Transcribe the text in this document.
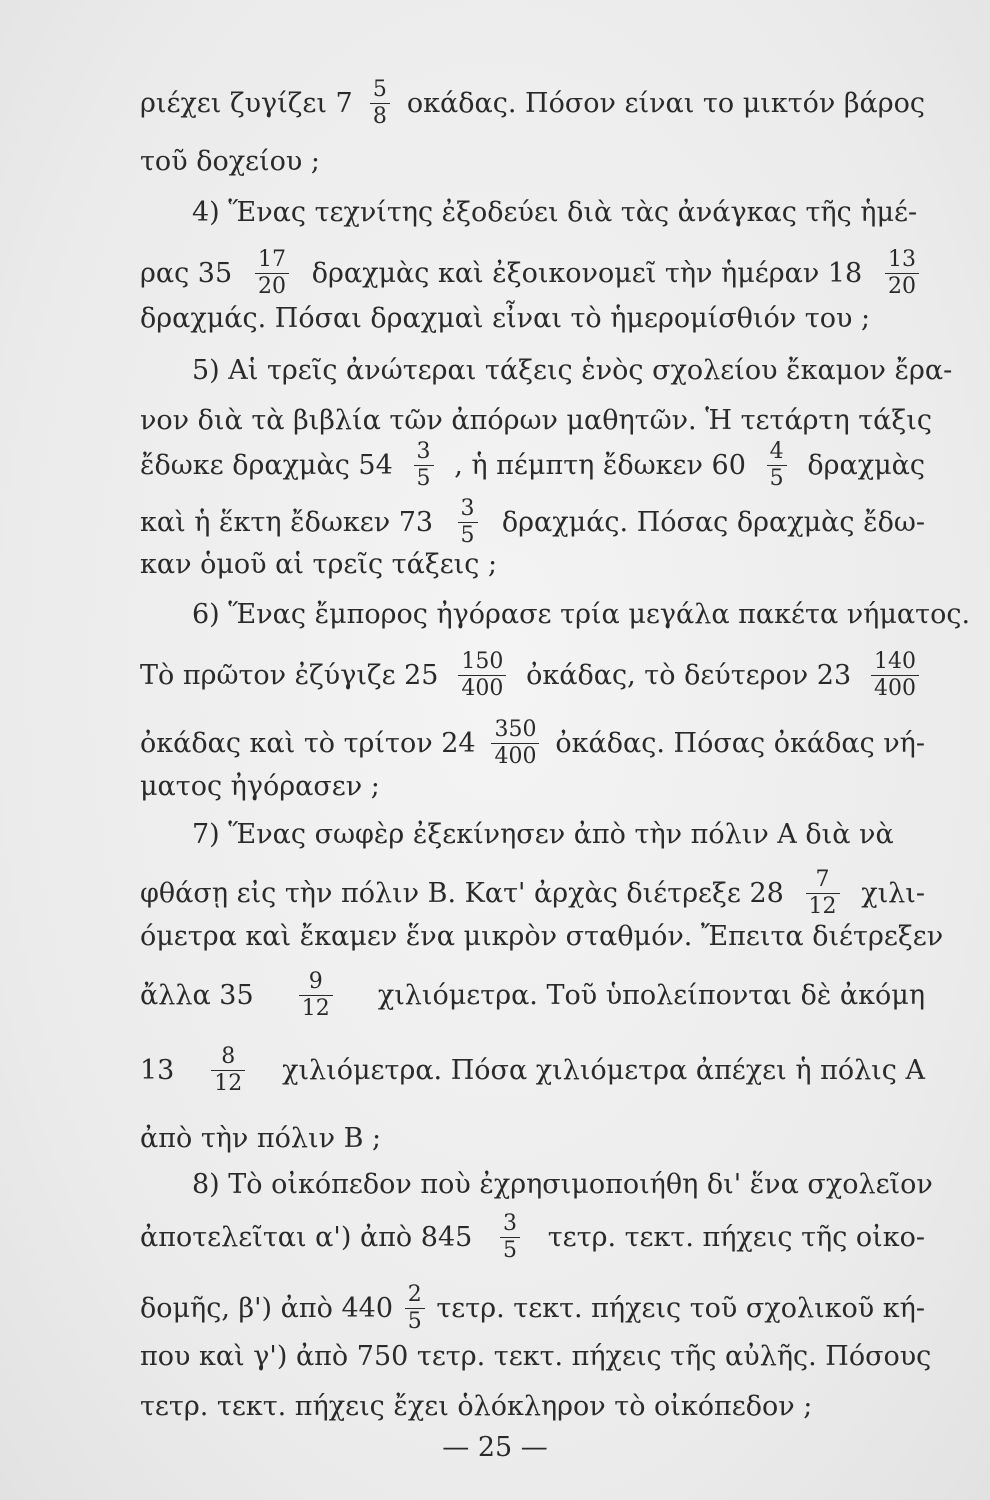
ριέχει ζυγίζει $7 \frac{5}{8} o\kappa ά\delta\alpha\varsigma$. Πόσον είναι το μικτόν βάρος
τοῦ δοχείου ;
4) Ἕνας τεχνίτης ἐξοδεύει διὰ τὰς ἀνάγκας τῆς ἡμέ-
ρας $35 \frac{17}{20}$ δραχμὰς καὶ ἐξοικονομεῖ τὴν ἡμέραν $18 \frac{13}{20}$
δραχμάς. Πόσαι δραχμαὶ εἶναι τὸ ἡμερομίσθιόν του ;
5) Αἱ τρεῖς ἀνώτεραι τάξεις ἑνὸς σχολείου ἔκαμον ἔρα-
νον διὰ τὰ βιβλία τῶν ἀπόρων μαθητῶν. Ἡ τετάρτη τάξις
ἔδωκε δραχμὰς $54 \frac{3}{5}$ , ἡ πέμπτη ἔδωκεν $60 \frac{4}{5}$ δραχμὰς
καὶ ἡ ἕκτη ἔδωκεν $73 \frac{3}{5} \delta\rho\alpha\chi\mu ά\varsigma$. Πόσας δραχμὰς ἔδω-
καν ὁμοῦ αἱ τρεῖς τάξεις ;
6) Ἕνας ἔμπορος ἠγόρασε τρία μεγάλα πακέτα νήματος.
Τὸ πρῶτον ἐζύγιζε $25 \frac{150}{400}$ ὀκάδας, τὸ δεύτερον $23 \frac{140}{400}$
ὀκάδας καὶ τὸ τρίτον $24 \frac{350}{400}$ ὀκάδας. Πόσας ὀκάδας νή-
ματος ἠγόρασεν ;
7) Ἕνας σωφὲρ ἐξεκίνησεν ἀπὸ τὴν πόλιν Α διὰ νὰ
φθάσῃ εἰς τὴν πόλιν Β. Κατ' ἀρχὰς διέτρεξε $28 \frac{7}{12} \chi\iota\lambda\iota-$
όμετρα καὶ ἔκαμεν ἕνα μικρὸν σταθμόν. Ἔπειτα διέτρεξεν
ἄλλα $35 \frac{9}{12} \chi\iota\lambda\iota ό\mu\varepsilon\tau\rho\alpha$. Τοῦ ὑπολείπονται δὲ ἀκόμη
$13 \frac{8}{12} \chi\iota\lambda\iota ό\mu\varepsilon\tau\rho\alpha$. Πόσα χιλιόμετρα ἀπέχει ἡ πόλις Α
ἀπὸ τὴν πόλιν Β ;
8) Τὸ οἰκόπεδον ποὺ ἐχρησιμοποιήθη δι' ἕνα σχολεῖον
ἀποτελεῖται α') ἀπὸ $845 \frac{3}{5} \tau\varepsilon\tau\rho$. τεκτ. πήχεις τῆς οἰκο-
δομῆς, β') ἀπὸ $440 \frac{2}{5} \tau\varepsilon\tau\rho$. τεκτ. πήχεις τοῦ σχολικοῦ κή-
που καὶ γ') ἀπὸ 750 τετρ. τεκτ. πήχεις τῆς αὐλῆς. Πόσους
τετρ. τεκτ. πήχεις ἔχει ὁλόκληρον τὸ οἰκόπεδον ;
— 25 —
